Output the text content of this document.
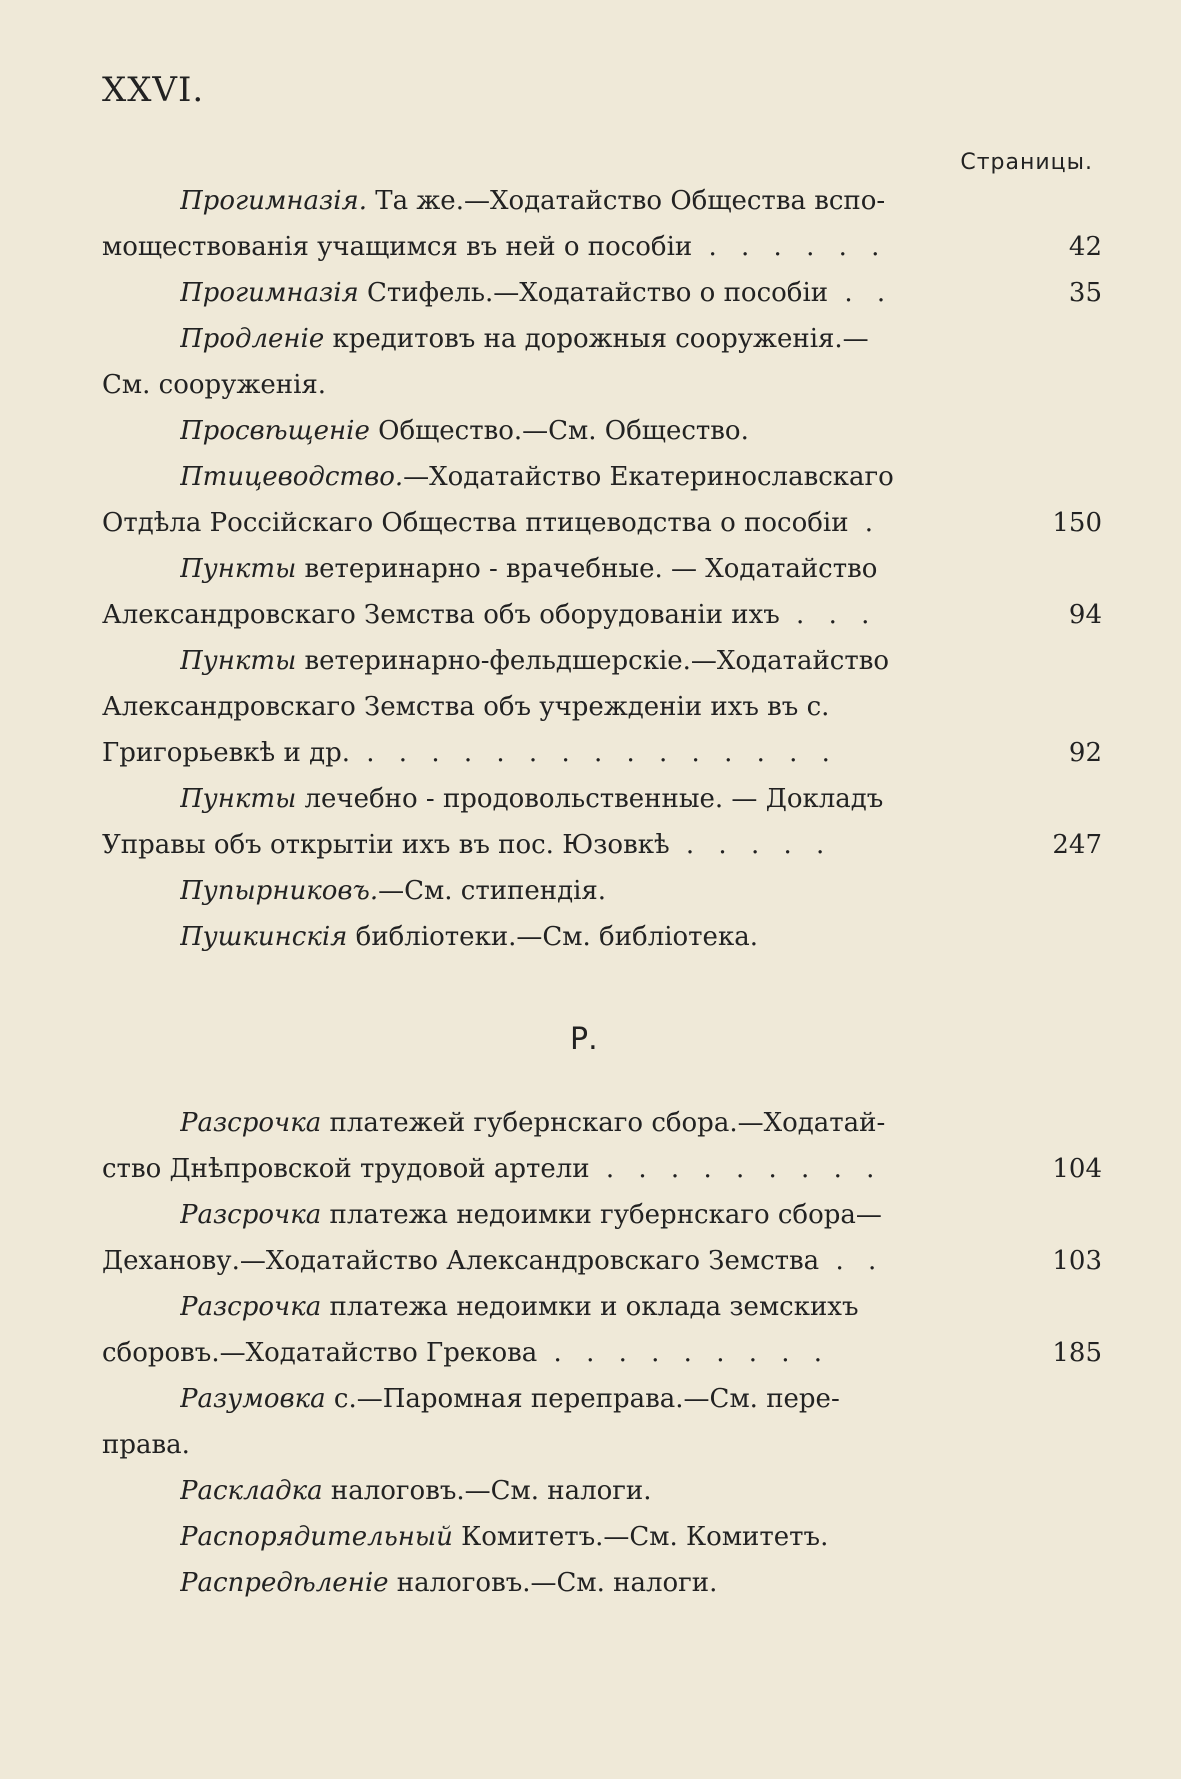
XXVI.
Страницы.
Прогимназія. Та же.—Ходатайство Общества вспо-
моществованія учащимся въ ней о пособіи . . . . . .	42
Прогимназія Стифель.—Ходатайство о пособіи . .	35
Продленіе кредитовъ на дорожныя сооруженія.—
См. сооруженія.
Просвѣщеніе Общество.—См. Общество.
Птицеводство.—Ходатайство Екатеринославскаго
Отдѣла Россійскаго Общества птицеводства о пособіи .	150
Пункты ветеринарно - врачебные. — Ходатайство
Александровскаго Земства объ оборудованіи ихъ . . .	94
Пункты ветеринарно-фельдшерскіе.—Ходатайство
Александровскаго Земства объ учрежденіи ихъ въ с.
Григорьевкѣ и др. . . . . . . . . . . . . . . .	92
Пункты лечебно - продовольственные. — Докладъ
Управы объ открытіи ихъ въ пос. Юзовкѣ . . . . .	247
Пупырниковъ.—См. стипендія.
Пушкинскія библіотеки.—См. библіотека.
Р.
Разсрочка платежей губернскаго сбора.—Ходатай-
ство Днѣпровской трудовой артели . . . . . . . . .	104
Разсрочка платежа недоимки губернскаго сбора—
Деханову.—Ходатайство Александровскаго Земства . .	103
Разсрочка платежа недоимки и оклада земскихъ
сборовъ.—Ходатайство Грекова . . . . . . . . .	185
Разумовка с.—Паромная переправа.—См. пере-
права.
Раскладка налоговъ.—См. налоги.
Распорядительный Комитетъ.—См. Комитетъ.
Распредѣленіе налоговъ.—См. налоги.
